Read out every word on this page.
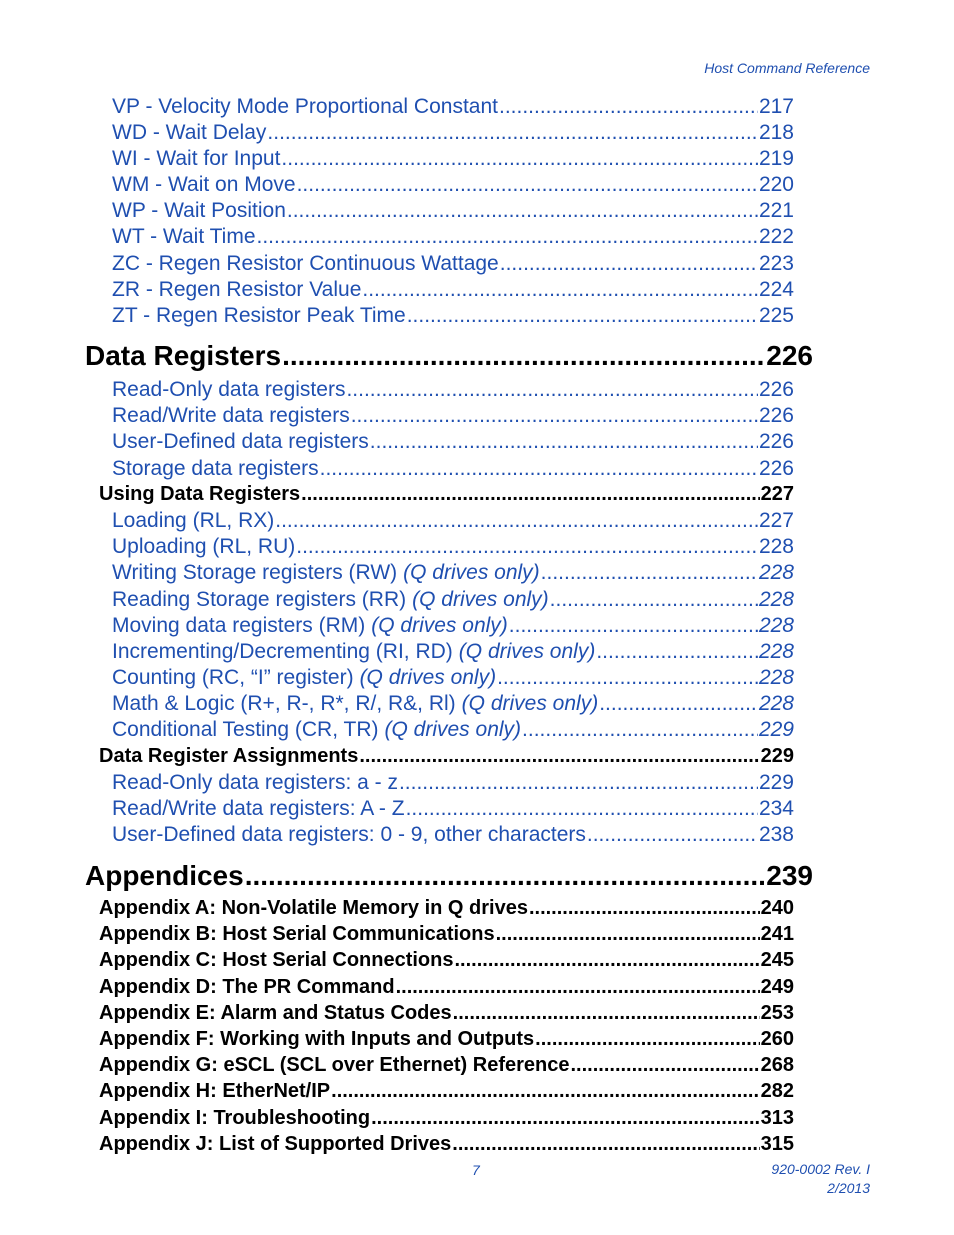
Host Command Reference
VP - Velocity Mode Proportional Constant .....	217
WD - Wait Delay .....	218
WI - Wait for Input .....	219
WM - Wait on Move .....	220
WP - Wait Position .....	221
WT - Wait Time .....	222
ZC - Regen Resistor Continuous Wattage .....	223
ZR - Regen Resistor Value .....	224
ZT - Regen Resistor Peak Time .....	225
Data Registers .....	226
Read-Only data registers .....	226
Read/Write data registers .....	226
User-Defined data registers .....	226
Storage data registers .....	226
Using Data Registers .....	227
Loading (RL, RX) .....	227
Uploading (RL, RU) .....	228
Writing Storage registers (RW) (Q drives only) .....	228
Reading Storage registers (RR) (Q drives only) .....	228
Moving data registers (RM) (Q drives only) .....	228
Incrementing/Decrementing (RI, RD) (Q drives only) .....	228
Counting (RC, “I” register) (Q drives only) .....	228
Math & Logic (R+, R-, R*, R/, R&, Rl) (Q drives only) .....	228
Conditional Testing (CR, TR) (Q drives only) .....	229
Data Register Assignments .....	229
Read-Only data registers: a - z .....	229
Read/Write data registers: A - Z .....	234
User-Defined data registers: 0 - 9, other characters .....	238
Appendices .....	239
Appendix A: Non-Volatile Memory in Q drives .....	240
Appendix B: Host Serial Communications .....	241
Appendix C: Host Serial Connections .....	245
Appendix D: The PR Command .....	249
Appendix E: Alarm and Status Codes .....	253
Appendix F: Working with Inputs and Outputs .....	260
Appendix G: eSCL (SCL over Ethernet) Reference .....	268
Appendix H: EtherNet/IP .....	282
Appendix I: Troubleshooting .....	313
Appendix J: List of Supported Drives .....	315
7	920-0002 Rev. I
2/2013
